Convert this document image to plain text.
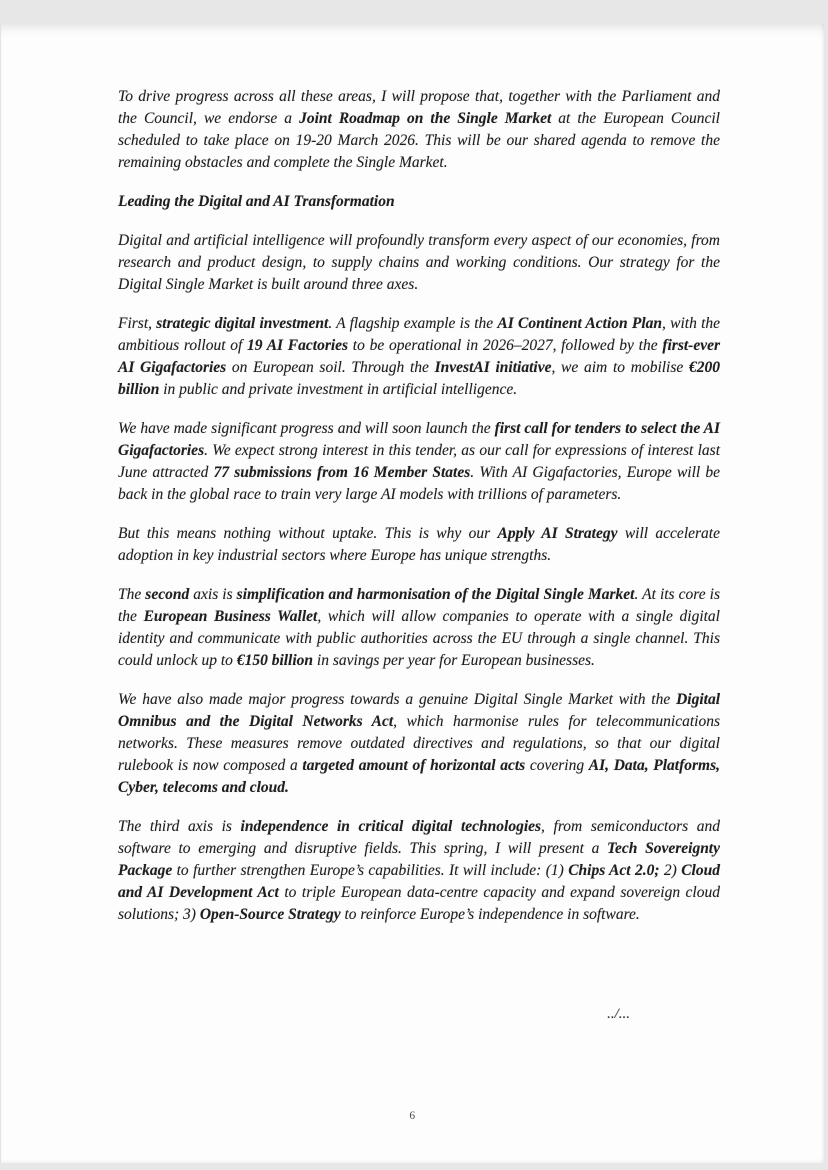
To drive progress across all these areas, I will propose that, together with the Parliament and the Council, we endorse a Joint Roadmap on the Single Market at the European Council scheduled to take place on 19-20 March 2026. This will be our shared agenda to remove the remaining obstacles and complete the Single Market.

Leading the Digital and AI Transformation

Digital and artificial intelligence will profoundly transform every aspect of our economies, from research and product design, to supply chains and working conditions. Our strategy for the Digital Single Market is built around three axes.

First, strategic digital investment. A flagship example is the AI Continent Action Plan, with the ambitious rollout of 19 AI Factories to be operational in 2026–2027, followed by the first-ever AI Gigafactories on European soil. Through the InvestAI initiative, we aim to mobilise €200 billion in public and private investment in artificial intelligence.

We have made significant progress and will soon launch the first call for tenders to select the AI Gigafactories. We expect strong interest in this tender, as our call for expressions of interest last June attracted 77 submissions from 16 Member States. With AI Gigafactories, Europe will be back in the global race to train very large AI models with trillions of parameters.

But this means nothing without uptake. This is why our Apply AI Strategy will accelerate adoption in key industrial sectors where Europe has unique strengths.

The second axis is simplification and harmonisation of the Digital Single Market. At its core is the European Business Wallet, which will allow companies to operate with a single digital identity and communicate with public authorities across the EU through a single channel. This could unlock up to €150 billion in savings per year for European businesses.

We have also made major progress towards a genuine Digital Single Market with the Digital Omnibus and the Digital Networks Act, which harmonise rules for telecommunications networks. These measures remove outdated directives and regulations, so that our digital rulebook is now composed a targeted amount of horizontal acts covering AI, Data, Platforms, Cyber, telecoms and cloud.

The third axis is independence in critical digital technologies, from semiconductors and software to emerging and disruptive fields. This spring, I will present a Tech Sovereignty Package to further strengthen Europe’s capabilities. It will include: (1) Chips Act 2.0; 2) Cloud and AI Development Act to triple European data-centre capacity and expand sovereign cloud solutions; 3) Open-Source Strategy to reinforce Europe’s independence in software.

../...
6
